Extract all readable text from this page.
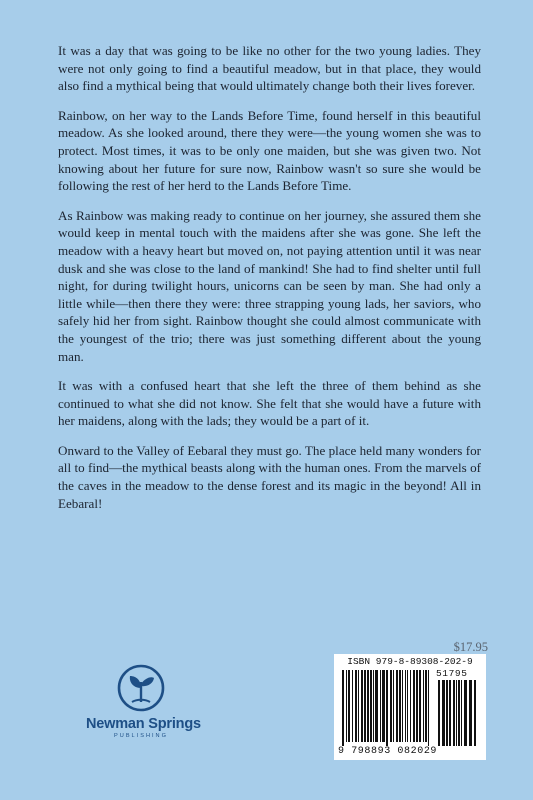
It was a day that was going to be like no other for the two young ladies. They were not only going to find a beautiful meadow, but in that place, they would also find a mythical being that would ultimately change both their lives forever.

Rainbow, on her way to the Lands Before Time, found herself in this beautiful meadow. As she looked around, there they were—the young women she was to protect. Most times, it was to be only one maiden, but she was given two. Not knowing about her future for sure now, Rainbow wasn't so sure she would be following the rest of her herd to the Lands Before Time.

As Rainbow was making ready to continue on her journey, she assured them she would keep in mental touch with the maidens after she was gone. She left the meadow with a heavy heart but moved on, not paying attention until it was near dusk and she was close to the land of mankind! She had to find shelter until full night, for during twilight hours, unicorns can be seen by man. She had only a little while—then there they were: three strapping young lads, her saviors, who safely hid her from sight. Rainbow thought she could almost communicate with the youngest of the trio; there was just something different about the young man.

It was with a confused heart that she left the three of them behind as she continued to what she did not know. She felt that she would have a future with her maidens, along with the lads; they would be a part of it.

Onward to the Valley of Eebaral they must go. The place held many wonders for all to find—the mythical beasts along with the human ones. From the marvels of the caves in the meadow to the dense forest and its magic in the beyond! All in Eebaral!

Newman Springs
PUBLISHING
$17.95
ISBN 979-8-89308-202-9
51795
9 798893 082029
